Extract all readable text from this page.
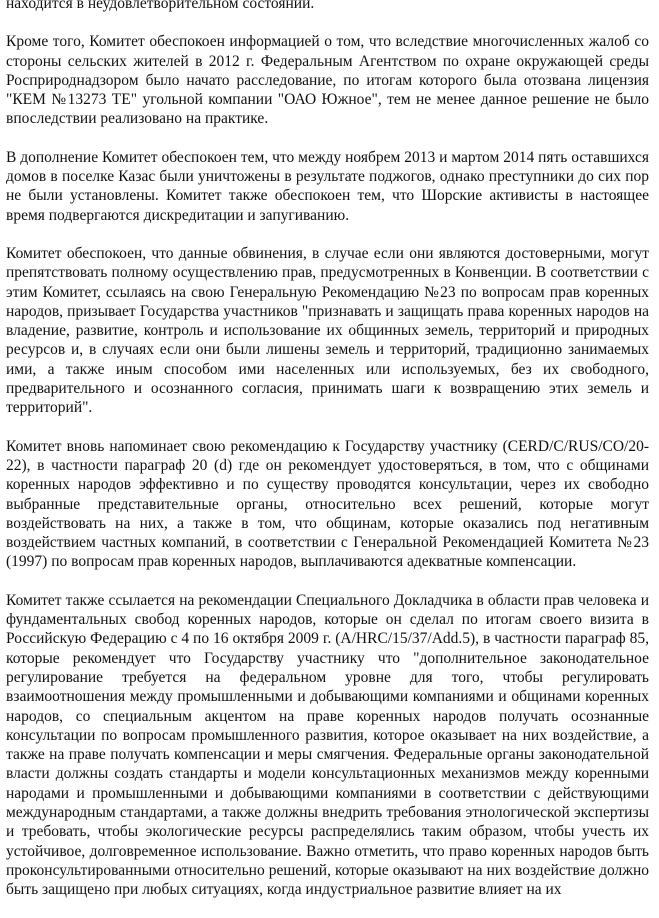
находится в неудовлетворительном состоянии.

Кроме того, Комитет обеспокоен информацией о том, что вследствие многочисленных жалоб со стороны сельских жителей в 2012 г. Федеральным Агентством по охране окружающей среды Росприроднадзором было начато расследование, по итогам которого была отозвана лицензия "КЕМ №13273 ТЕ" угольной компании "ОАО Южное", тем не менее данное решение не было впоследствии реализовано на практике.

В дополнение Комитет обеспокоен тем, что между ноябрем 2013 и мартом 2014 пять оставшихся домов в поселке Казас были уничтожены в результате поджогов, однако преступники до сих пор не были установлены. Комитет также обеспокоен тем, что Шорские активисты в настоящее время подвергаются дискредитации и запугиванию.

Комитет обеспокоен, что данные обвинения, в случае если они являются достоверными, могут препятствовать полному осуществлению прав, предусмотренных в Конвенции. В соответствии с этим Комитет, ссылаясь на свою Генеральную Рекомендацию №23 по вопросам прав коренных народов, призывает Государства участников "признавать и защищать права коренных народов на владение, развитие, контроль и использование их общинных земель, территорий и природных ресурсов и, в случаях если они были лишены земель и территорий, традиционно занимаемых ими, а также иным способом ими населенных или используемых, без их свободного, предварительного и осознанного согласия, принимать шаги к возвращению этих земель и территорий".

Комитет вновь напоминает свою рекомендацию к Государству участнику (CERD/C/RUS/CO/20-22), в частности параграф 20 (d) где он рекомендует удостоверяться, в том, что с общинами коренных народов эффективно и по существу проводятся консультации, через их свободно выбранные представительные органы, относительно всех решений, которые могут воздействовать на них, а также в том, что общинам, которые оказались под негативным воздействием частных компаний, в соответствии с Генеральной Рекомендацией Комитета №23 (1997) по вопросам прав коренных народов, выплачиваются адекватные компенсации.

Комитет также ссылается на рекомендации Специального Докладчика в области прав человека и фундаментальных свобод коренных народов, которые он сделал по итогам своего визита в Российскую Федерацию с 4 по 16 октября 2009 г. (A/HRC/15/37/Add.5), в частности параграф 85, которые рекомендует что Государству участнику что "дополнительное законодательное регулирование требуется на федеральном уровне для того, чтобы регулировать взаимоотношения между промышленными и добывающими компаниями и общинами коренных народов, со специальным акцентом на праве коренных народов получать осознанные консультации по вопросам промышленного развития, которое оказывает на них воздействие, а также на праве получать компенсации и меры смягчения. Федеральные органы законодательной власти должны создать стандарты и модели консультационных механизмов между коренными народами и промышленными и добывающими компаниями в соответствии с действующими международным стандартами, а также должны внедрить требования этнологической экспертизы и требовать, чтобы экологические ресурсы распределялись таким образом, чтобы учесть их устойчивое, долговременное использование. Важно отметить, что право коренных народов быть проконсультированными относительно решений, которые оказывают на них воздействие должно быть защищено при любых ситуациях, когда индустриальное развитие влияет на их
